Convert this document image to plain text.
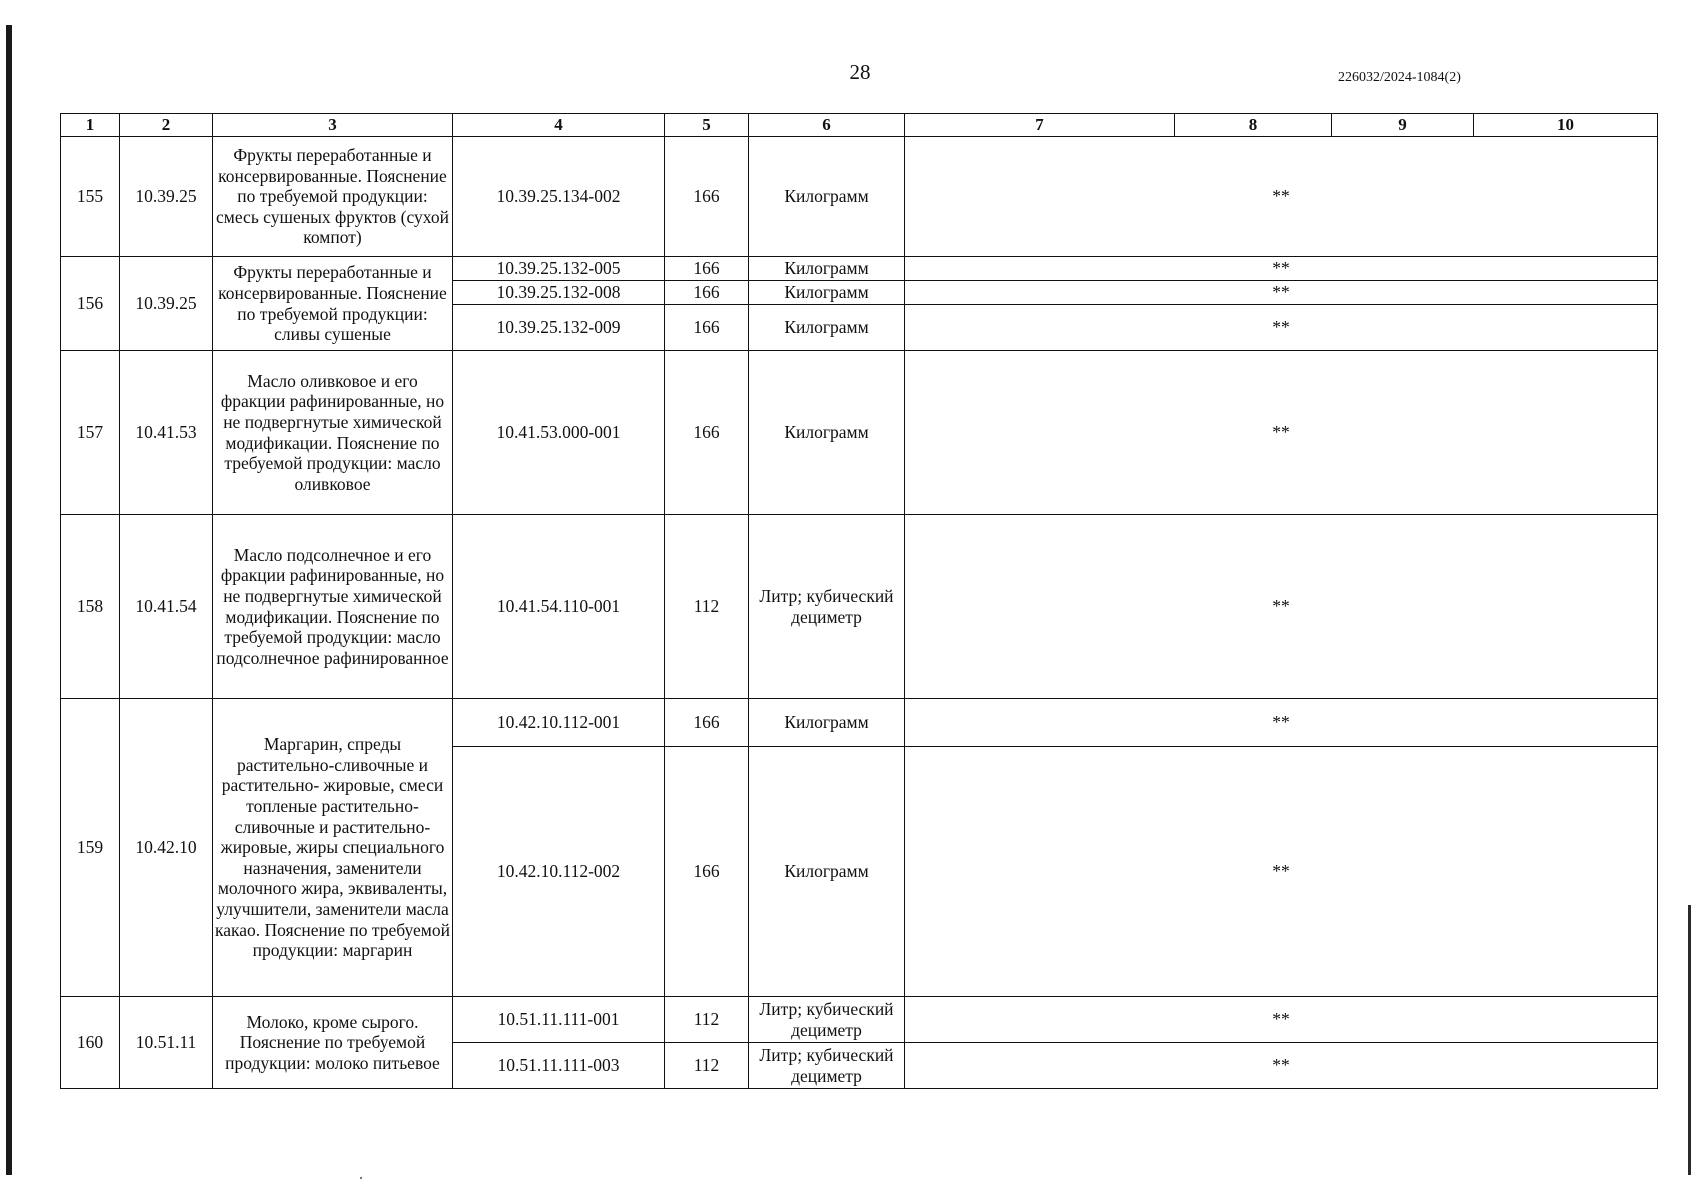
28	226032/2024-1084(2)
1	2	3	4	5	6	7	8	9	10
155	10.39.25	Фрукты переработанные и консервированные. Пояснение по требуемой продукции: смесь сушеных фруктов (сухой компот)	10.39.25.134-002	166	Килограмм	**			
156	10.39.25	Фрукты переработанные и консервированные. Пояснение по требуемой продукции: сливы сушеные	10.39.25.132-005	166	Килограмм	**			
			10.39.25.132-008	166	Килограмм	**			
			10.39.25.132-009	166	Килограмм	**			
157	10.41.53	Масло оливковое и его фракции рафинированные, но не подвергнутые химической модификации. Пояснение по требуемой продукции: масло оливковое	10.41.53.000-001	166	Килограмм	**			
158	10.41.54	Масло подсолнечное и его фракции рафинированные, но не подвергнутые химической модификации. Пояснение по требуемой продукции: масло подсолнечное рафинированное	10.41.54.110-001	112	Литр; кубический дециметр	**			
159	10.42.10	Маргарин, спреды растительно-сливочные и растительно- жировые, смеси топленые растительно-сливочные и растительно-жировые, жиры специального назначения, заменители молочного жира, эквиваленты, улучшители, заменители масла какао. Пояснение по требуемой продукции: маргарин	10.42.10.112-001	166	Килограмм	**			
			10.42.10.112-002	166	Килограмм	**			
160	10.51.11	Молоко, кроме сырого. Пояснение по требуемой продукции: молоко питьевое	10.51.11.111-001	112	Литр; кубический дециметр	**			
			10.51.11.111-003	112	Литр; кубический дециметр	**			
